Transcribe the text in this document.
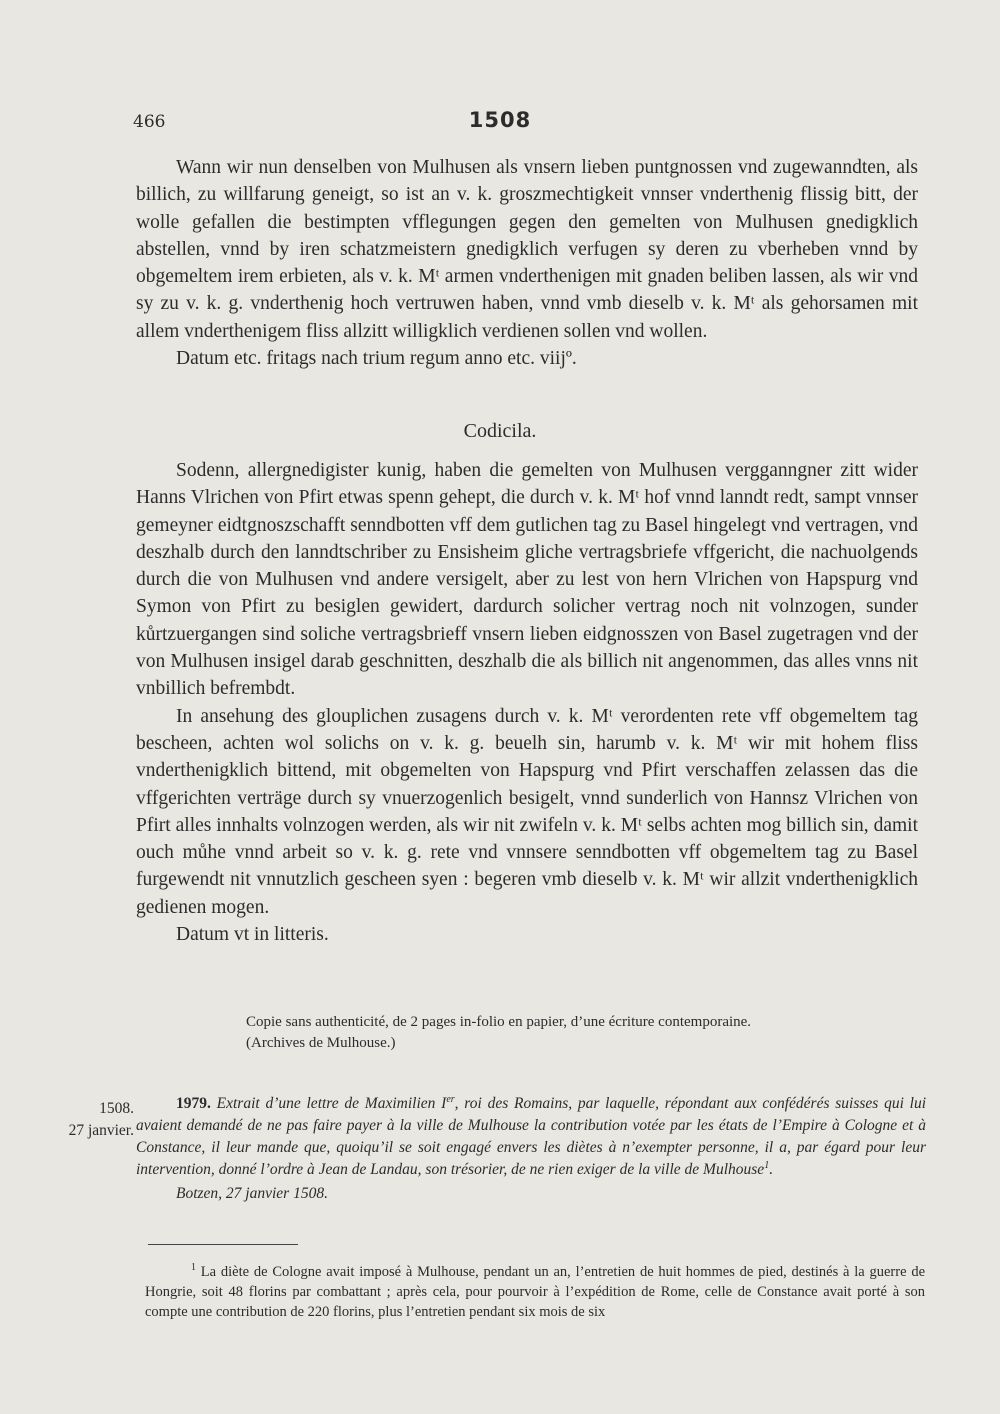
466	1508

Wann wir nun denselben von Mulhusen als vnsern lieben puntgnossen vnd zugewanndten, als billich, zu willfarung geneigt, so ist an v. k. groszmechtigkeit vnnser vnderthenig flissig bitt, der wolle gefallen die bestimpten vfflegungen gegen den gemelten von Mulhusen gnedigklich abstellen, vnnd by iren schatzmeistern gnedigklich verfugen sy deren zu vberheben vnnd by obgemeltem irem erbieten, als v. k. Mᵗ armen vnderthenigen mit gnaden beliben lassen, als wir vnd sy zu v. k. g. vnderthenig hoch vertruwen haben, vnnd vmb dieselb v. k. Mᵗ als gehorsamen mit allem vnderthenigem fliss allzitt willigklich verdienen sollen vnd wollen.

Datum etc. fritags nach trium regum anno etc. viijº.

Codicila.

Sodenn, allergnedigister kunig, haben die gemelten von Mulhusen vergganngner zitt wider Hanns Vlrichen von Pfirt etwas spenn gehept, die durch v. k. Mᵗ hof vnnd lanndt redt, sampt vnnser gemeyner eidtgnoszschafft senndbotten vff dem gutlichen tag zu Basel hingelegt vnd vertragen, vnd deszhalb durch den lanndtschriber zu Ensisheim gliche vertragsbriefe vffgericht, die nachuolgends durch die von Mulhusen vnd andere versigelt, aber zu lest von hern Vlrichen von Hapspurg vnd Symon von Pfirt zu besiglen gewidert, dardurch solicher vertrag noch nit volnzogen, sunder kůrtzuergangen sind soliche vertragsbrieff vnsern lieben eidgnosszen von Basel zugetragen vnd der von Mulhusen insigel darab geschnitten, deszhalb die als billich nit angenommen, das alles vnns nit vnbillich befrembdt.

In ansehung des glouplichen zusagens durch v. k. Mᵗ verordenten rete vff obgemeltem tag bescheen, achten wol solichs on v. k. g. beuelh sin, harumb v. k. Mᵗ wir mit hohem fliss vnderthenigklich bittend, mit obgemelten von Hapspurg vnd Pfirt verschaffen zelassen das die vffgerichten verträge durch sy vnuerzogenlich besigelt, vnnd sunderlich von Hannsz Vlrichen von Pfirt alles innhalts volnzogen werden, als wir nit zwifeln v. k. Mᵗ selbs achten mog billich sin, damit ouch můhe vnnd arbeit so v. k. g. rete vnd vnnsere senndbotten vff obgemeltem tag zu Basel furgewendt nit vnnutzlich gescheen syen : begeren vmb dieselb v. k. Mᵗ wir allzit vnderthenigklich gedienen mogen.

Datum vt in litteris.

Copie sans authenticité, de 2 pages in-folio en papier, d’une écriture contemporaine.

(Archives de Mulhouse.)

1508.
27 janvier.

1979. Extrait d’une lettre de Maximilien Ier, roi des Romains, par laquelle, répondant aux confédérés suisses qui lui avaient demandé de ne pas faire payer à la ville de Mulhouse la contribution votée par les états de l’Empire à Cologne et à Constance, il leur mande que, quoiqu’il se soit engagé envers les diètes à n’exempter personne, il a, par égard pour leur intervention, donné l’ordre à Jean de Landau, son trésorier, de ne rien exiger de la ville de Mulhouse$^1$.

Botzen, 27 janvier 1508.

$^1$ La diète de Cologne avait imposé à Mulhouse, pendant un an, l’entretien de huit hommes de pied, destinés à la guerre de Hongrie, soit 48 florins par combattant ; après cela, pour pourvoir à l’expédition de Rome, celle de Constance avait porté à son compte une contribution de 220 florins, plus l’entretien pendant six mois de six
